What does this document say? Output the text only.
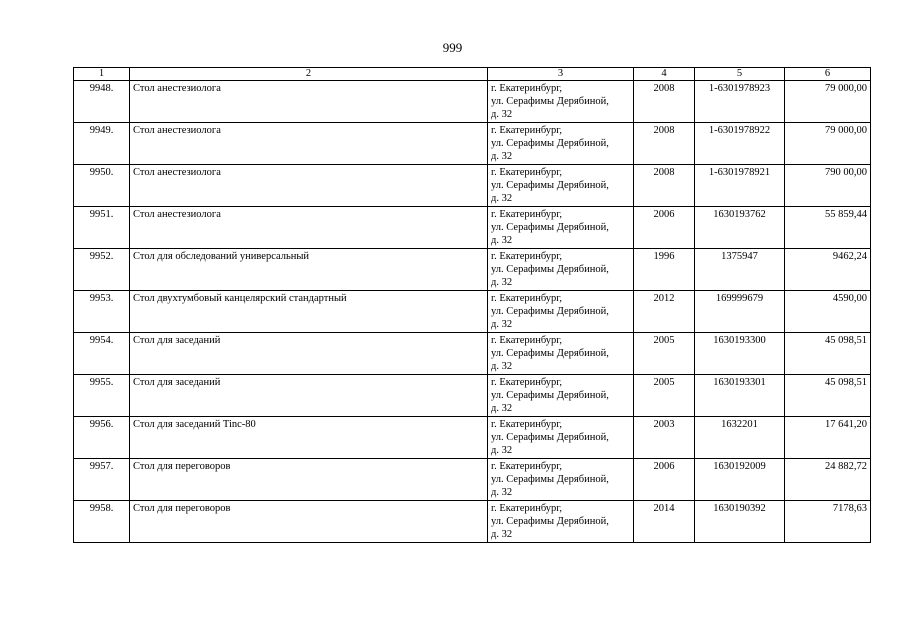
999
1	2	3	4	5	6
9948.	Стол анестезиолога	г. Екатеринбург,
ул. Серафимы Дерябиной,
д. 32	2008	1-6301978923	79 000,00
9949.	Стол анестезиолога	г. Екатеринбург,
ул. Серафимы Дерябиной,
д. 32	2008	1-6301978922	79 000,00
9950.	Стол анестезиолога	г. Екатеринбург,
ул. Серафимы Дерябиной,
д. 32	2008	1-6301978921	790 00,00
9951.	Стол анестезиолога	г. Екатеринбург,
ул. Серафимы Дерябиной,
д. 32	2006	1630193762	55 859,44
9952.	Стол для обследований универсальный	г. Екатеринбург,
ул. Серафимы Дерябиной,
д. 32	1996	1375947	9462,24
9953.	Стол двухтумбовый канцелярский стандартный	г. Екатеринбург,
ул. Серафимы Дерябиной,
д. 32	2012	169999679	4590,00
9954.	Стол для заседаний	г. Екатеринбург,
ул. Серафимы Дерябиной,
д. 32	2005	1630193300	45 098,51
9955.	Стол для заседаний	г. Екатеринбург,
ул. Серафимы Дерябиной,
д. 32	2005	1630193301	45 098,51
9956.	Стол для заседаний Tinc-80	г. Екатеринбург,
ул. Серафимы Дерябиной,
д. 32	2003	1632201	17 641,20
9957.	Стол для переговоров	г. Екатеринбург,
ул. Серафимы Дерябиной,
д. 32	2006	1630192009	24 882,72
9958.	Стол для переговоров	г. Екатеринбург,
ул. Серафимы Дерябиной,
д. 32	2014	1630190392	7178,63
